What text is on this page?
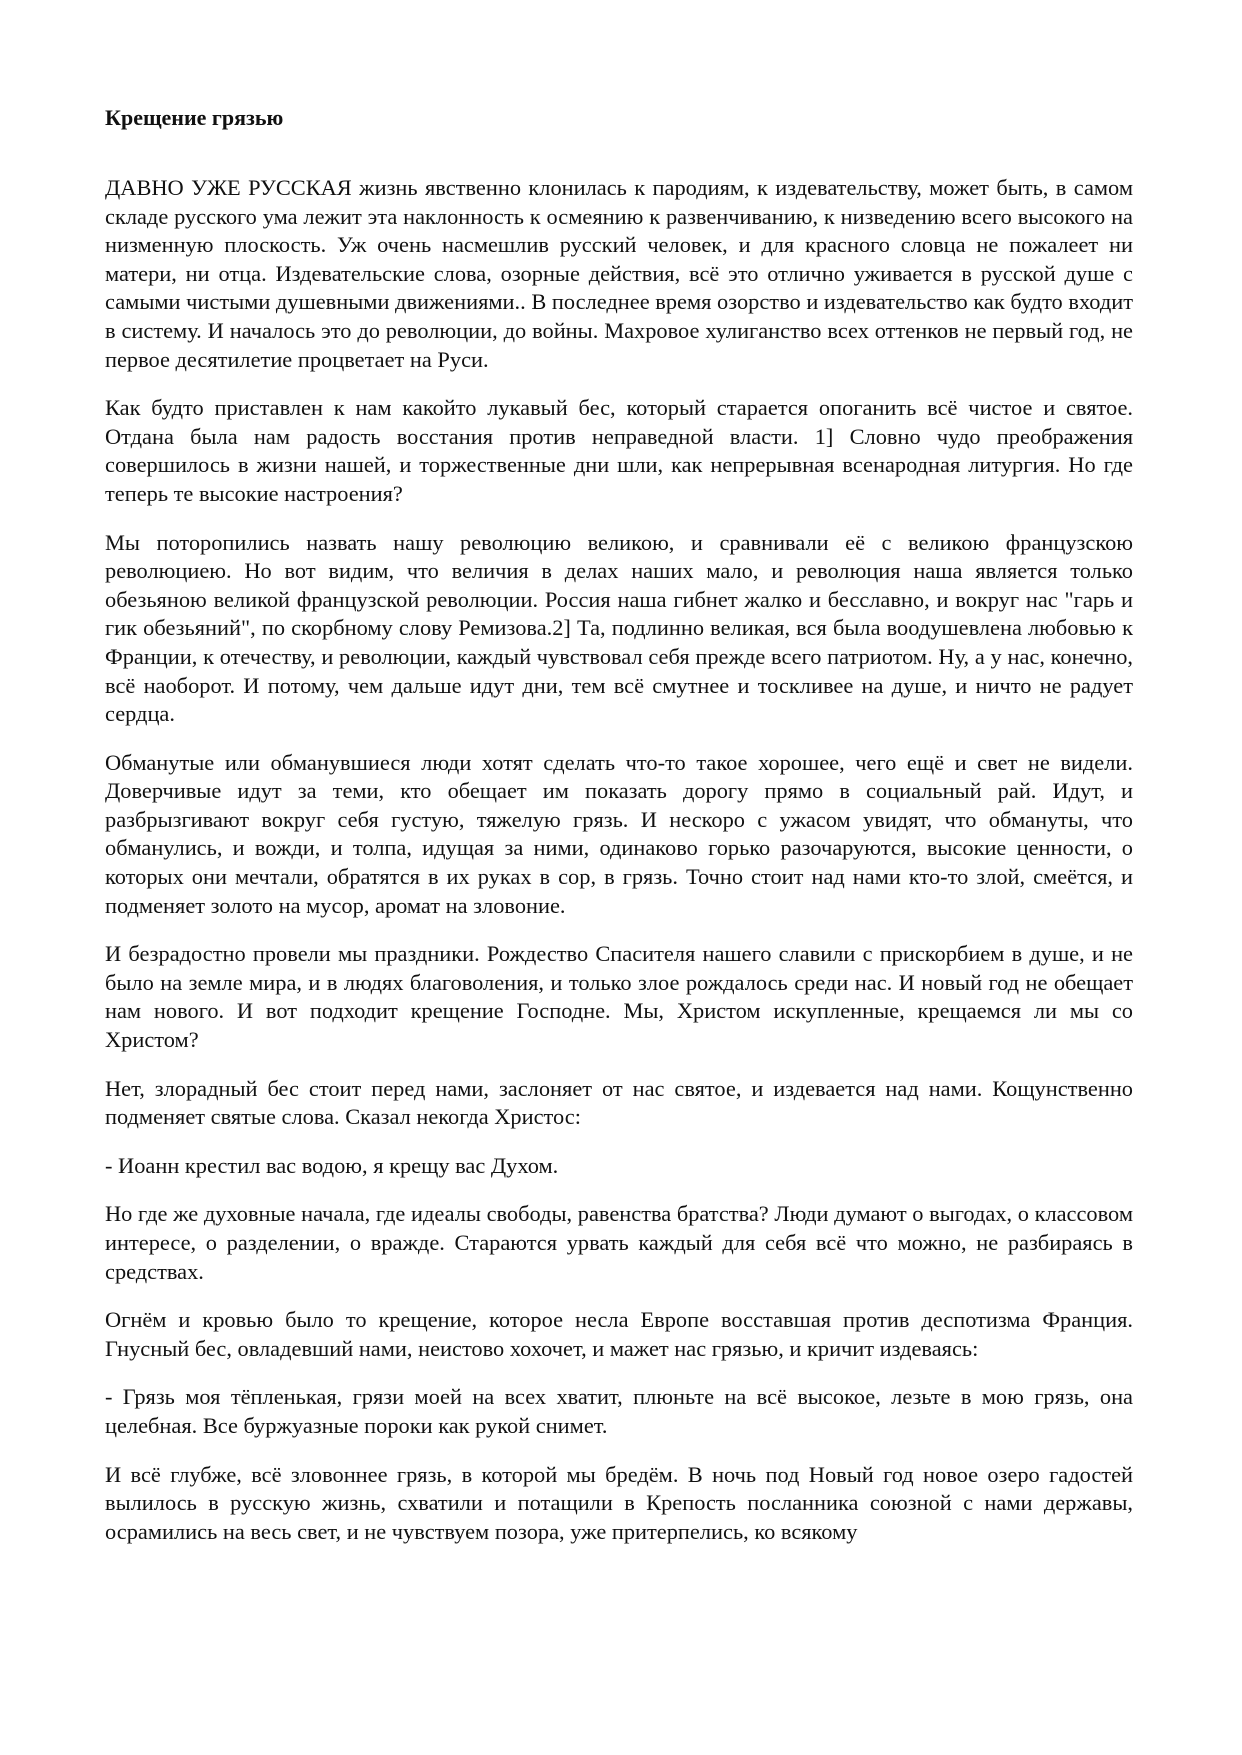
Крещение грязью

ДАВНО УЖЕ РУССКАЯ жизнь явственно клонилась к пародиям, к издевательству, может быть, в самом складе русского ума лежит эта наклонность к осмеянию к развенчиванию, к низведению всего высокого на низменную плоскость. Уж очень насмешлив русский человек, и для красного словца не пожалеет ни матери, ни отца. Издевательские слова, озорные действия, всё это отлично уживается в русской душе с самыми чистыми душевными движениями.. В последнее время озорство и издевательство как будто входит в систему. И началось это до революции, до войны. Махровое хулиганство всех оттенков не первый год, не первое десятилетие процветает на Руси.

Как будто приставлен к нам какойто лукавый бес, который старается опоганить всё чистое и святое. Отдана была нам радость восстания против неправедной власти. 1] Словно чудо преображения совершилось в жизни нашей, и торжественные дни шли, как непрерывная всенародная литургия. Но где теперь те высокие настроения?

Мы поторопились назвать нашу революцию великою, и сравнивали её с великою французскою революциею. Но вот видим, что величия в делах наших мало, и революция наша является только обезьяною великой французской революции. Россия наша гибнет жалко и бесславно, и вокруг нас "гарь и гик обезьяний", по скорбному слову Ремизова.2] Та, подлинно великая, вся была воодушевлена любовью к Франции, к отечеству, и революции, каждый чувствовал себя прежде всего патриотом. Ну, а у нас, конечно, всё наоборот. И потому, чем дальше идут дни, тем всё смутнее и тоскливее на душе, и ничто не радует сердца.

Обманутые или обманувшиеся люди хотят сделать что-то такое хорошее, чего ещё и свет не видели. Доверчивые идут за теми, кто обещает им показать дорогу прямо в социальный рай. Идут, и разбрызгивают вокруг себя густую, тяжелую грязь. И нескоро с ужасом увидят, что обмануты, что обманулись, и вожди, и толпа, идущая за ними, одинаково горько разочаруются, высокие ценности, о которых они мечтали, обратятся в их руках в сор, в грязь. Точно стоит над нами кто-то злой, смеётся, и подменяет золото на мусор, аромат на зловоние.

И безрадостно провели мы праздники. Рождество Спасителя нашего славили с прискорбием в душе, и не было на земле мира, и в людях благоволения, и только злое рождалось среди нас. И новый год не обещает нам нового. И вот подходит крещение Господне. Мы, Христом искупленные, крещаемся ли мы со Христом?

Нет, злорадный бес стоит перед нами, заслоняет от нас святое, и издевается над нами. Кощунственно подменяет святые слова. Сказал некогда Христос:

- Иоанн крестил вас водою, я крещу вас Духом.

Но где же духовные начала, где идеалы свободы, равенства братства? Люди думают о выгодах, о классовом интересе, о разделении, о вражде. Стараются урвать каждый для себя всё что можно, не разбираясь в средствах.

Огнём и кровью было то крещение, которое несла Европе восставшая против деспотизма Франция. Гнусный бес, овладевший нами, неистово хохочет, и мажет нас грязью, и кричит издеваясь:

- Грязь моя тёпленькая, грязи моей на всех хватит, плюньте на всё высокое, лезьте в мою грязь, она целебная. Все буржуазные пороки как рукой снимет.

И всё глубже, всё зловоннее грязь, в которой мы бредём. В ночь под Новый год новое озеро гадостей вылилось в русскую жизнь, схватили и потащили в Крепость посланника союзной с нами державы, осрамились на весь свет, и не чувствуем позора, уже притерпелись, ко всякому
